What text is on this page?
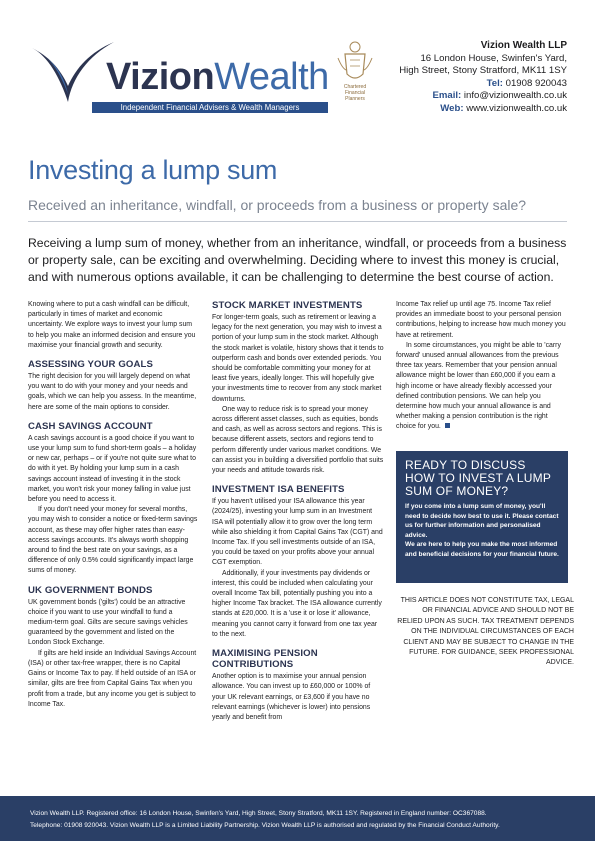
VizionWealth
Independent Financial Advisers & Wealth Managers
Chartered
Financial
Planners
Vizion Wealth LLP
16 London House, Swinfen's Yard,
High Street, Stony Stratford, MK11 1SY
Tel: 01908 920043
Email: info@vizionwealth.co.uk
Web: www.vizionwealth.co.uk
Investing a lump sum
Received an inheritance, windfall, or proceeds from a business or property sale?

Receiving a lump sum of money, whether from an inheritance, windfall, or proceeds from a business or property sale, can be exciting and overwhelming. Deciding where to invest this money is crucial, and with numerous options available, it can be challenging to determine the best course of action.

Knowing where to put a cash windfall can be difficult, particularly in times of market and economic uncertainty. We explore ways to invest your lump sum to help you make an informed decision and ensure you maximise your financial growth and security.

ASSESSING YOUR GOALS

The right decision for you will largely depend on what you want to do with your money and your needs and goals, which we can help you assess. In the meantime, here are some of the main options to consider.

CASH SAVINGS ACCOUNT

A cash savings account is a good choice if you want to use your lump sum to fund short-term goals – a holiday or new car, perhaps – or if you're not quite sure what to do with it yet. By holding your lump sum in a cash savings account instead of investing it in the stock market, you won't risk your money falling in value just before you need to access it.

If you don't need your money for several months, you may wish to consider a notice or fixed-term savings account, as these may offer higher rates than easy-access savings accounts. It's always worth shopping around to find the best rate on your savings, as a difference of only 0.5% could significantly impact large sums of money.

UK GOVERNMENT BONDS

UK government bonds ('gilts') could be an attractive choice if you want to use your windfall to fund a medium-term goal. Gilts are secure savings vehicles guaranteed by the government and listed on the London Stock Exchange.

If gilts are held inside an Individual Savings Account (ISA) or other tax-free wrapper, there is no Capital Gains or Income Tax to pay. If held outside of an ISA or similar, gilts are free from Capital Gains Tax when you profit from a trade, but any income you get is subject to Income Tax.

STOCK MARKET INVESTMENTS

For longer-term goals, such as retirement or leaving a legacy for the next generation, you may wish to invest a portion of your lump sum in the stock market. Although the stock market is volatile, history shows that it tends to outperform cash and bonds over extended periods. You should be comfortable committing your money for at least five years, ideally longer. This will hopefully give your investments time to recover from any stock market downturns.

One way to reduce risk is to spread your money across different asset classes, such as equities, bonds and cash, as well as across sectors and regions. This is because different assets, sectors and regions tend to perform differently under various market conditions. We can assist you in building a diversified portfolio that suits your needs and attitude towards risk.

INVESTMENT ISA BENEFITS

If you haven't utilised your ISA allowance this year (2024/25), investing your lump sum in an Investment ISA will potentially allow it to grow over the long term while also shielding it from Capital Gains Tax (CGT) and Income Tax. If you sell investments outside of an ISA, you could be taxed on your profits above your annual CGT exemption.

Additionally, if your investments pay dividends or interest, this could be included when calculating your overall Income Tax bill, potentially pushing you into a higher Income Tax bracket. The ISA allowance currently stands at £20,000. It is a 'use it or lose it' allowance, meaning you cannot carry it forward from one tax year to the next.

MAXIMISING PENSION CONTRIBUTIONS

Another option is to maximise your annual pension allowance. You can invest up to £60,000 or 100% of your UK relevant earnings, or £3,600 if you have no relevant earnings (whichever is lower) into pensions yearly and benefit from

Income Tax relief up until age 75. Income Tax relief provides an immediate boost to your personal pension contributions, helping to increase how much money you have at retirement.

In some circumstances, you might be able to 'carry forward' unused annual allowances from the previous three tax years. Remember that your pension annual allowance might be lower than £60,000 if you earn a high income or have already flexibly accessed your defined contribution pensions. We can help you determine how much your annual allowance is and whether making a pension contribution is the right choice for you.

READY TO DISCUSS HOW TO INVEST A LUMP SUM OF MONEY?

If you come into a lump sum of money, you'll need to decide how best to use it. Please contact us for further information and personalised advice.

We are here to help you make the most informed and beneficial decisions for your financial future.

THIS ARTICLE DOES NOT CONSTITUTE TAX, LEGAL OR FINANCIAL ADVICE AND SHOULD NOT BE RELIED UPON AS SUCH. TAX TREATMENT DEPENDS ON THE INDIVIDUAL CIRCUMSTANCES OF EACH CLIENT AND MAY BE SUBJECT TO CHANGE IN THE FUTURE. FOR GUIDANCE, SEEK PROFESSIONAL ADVICE.
Vizion Wealth LLP. Registered office: 16 London House, Swinfen's Yard, High Street, Stony Stratford, MK11 1SY. Registered in England number: OC367088.
Telephone: 01908 920043. Vizion Wealth LLP is a Limited Liability Partnership. Vizion Wealth LLP is authorised and regulated by the Financial Conduct Authority.
